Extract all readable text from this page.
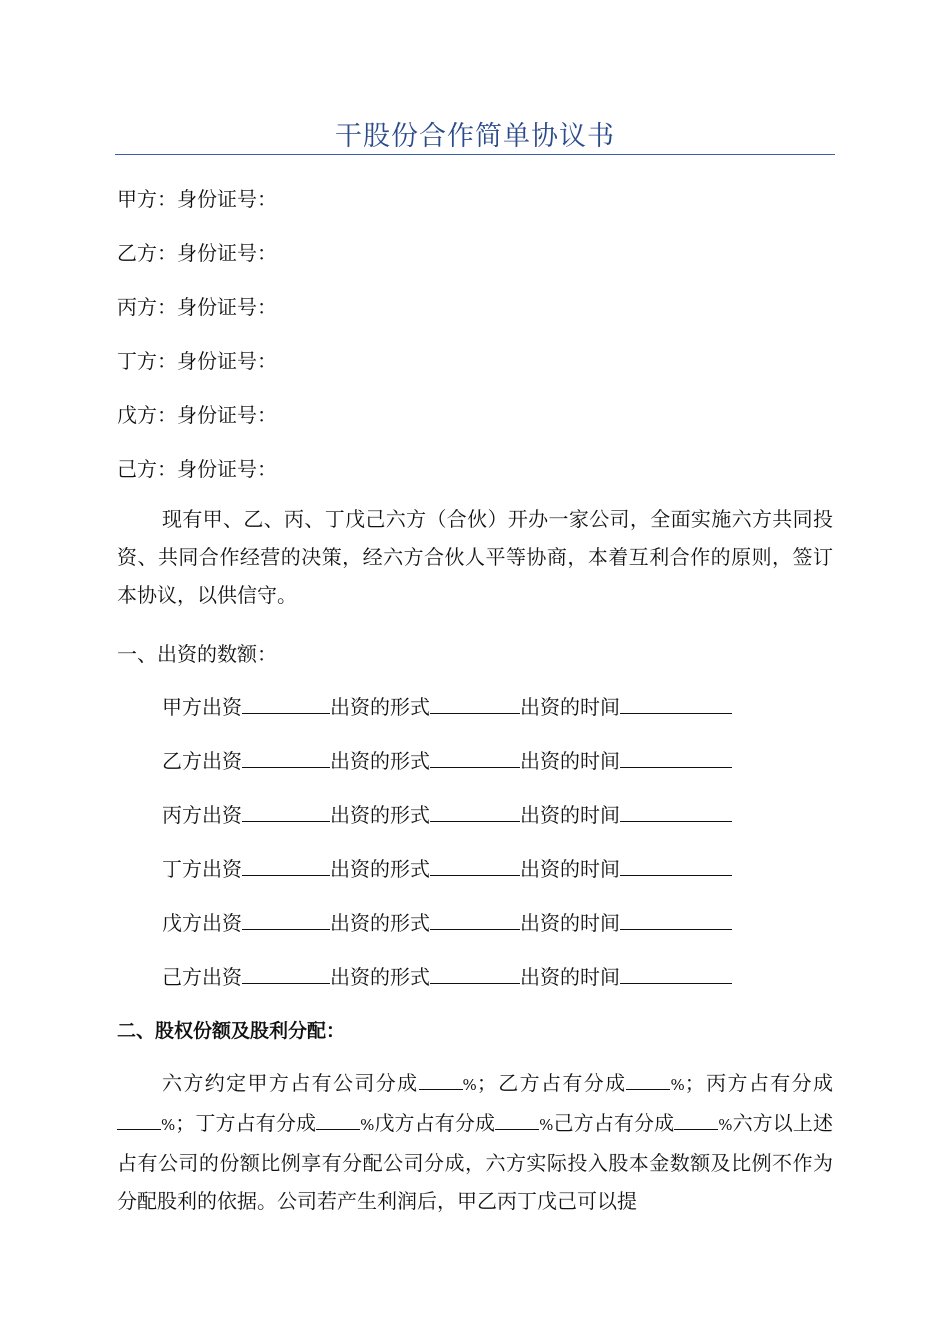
干股份合作简单协议书
甲方：身份证号：
乙方：身份证号：
丙方：身份证号：
丁方：身份证号：
戊方：身份证号：
己方：身份证号：
现有甲、乙、丙、丁戊己六方（合伙）开办一家公司，全面实施六方共同投资、共同合作经营的决策，经六方合伙人平等协商，本着互利合作的原则，签订本协议，以供信守。
一、出资的数额：
甲方出资	出资的形式	出资的时间
乙方出资	出资的形式	出资的时间
丙方出资	出资的形式	出资的时间
丁方出资	出资的形式	出资的时间
戊方出资	出资的形式	出资的时间
己方出资	出资的形式	出资的时间
二、股权份额及股利分配：
六方约定甲方占有公司分成	%；乙方占有分成	%；丙方占有分成%；丁方占有分成	%戊方占有分成	%己方占有分成	%六方以上述占有公司的份额比例享有分配公司分成，六方实际投入股本金数额及比例不作为分配股利的依据。公司若产生利润后，甲乙丙丁戊己可以提
